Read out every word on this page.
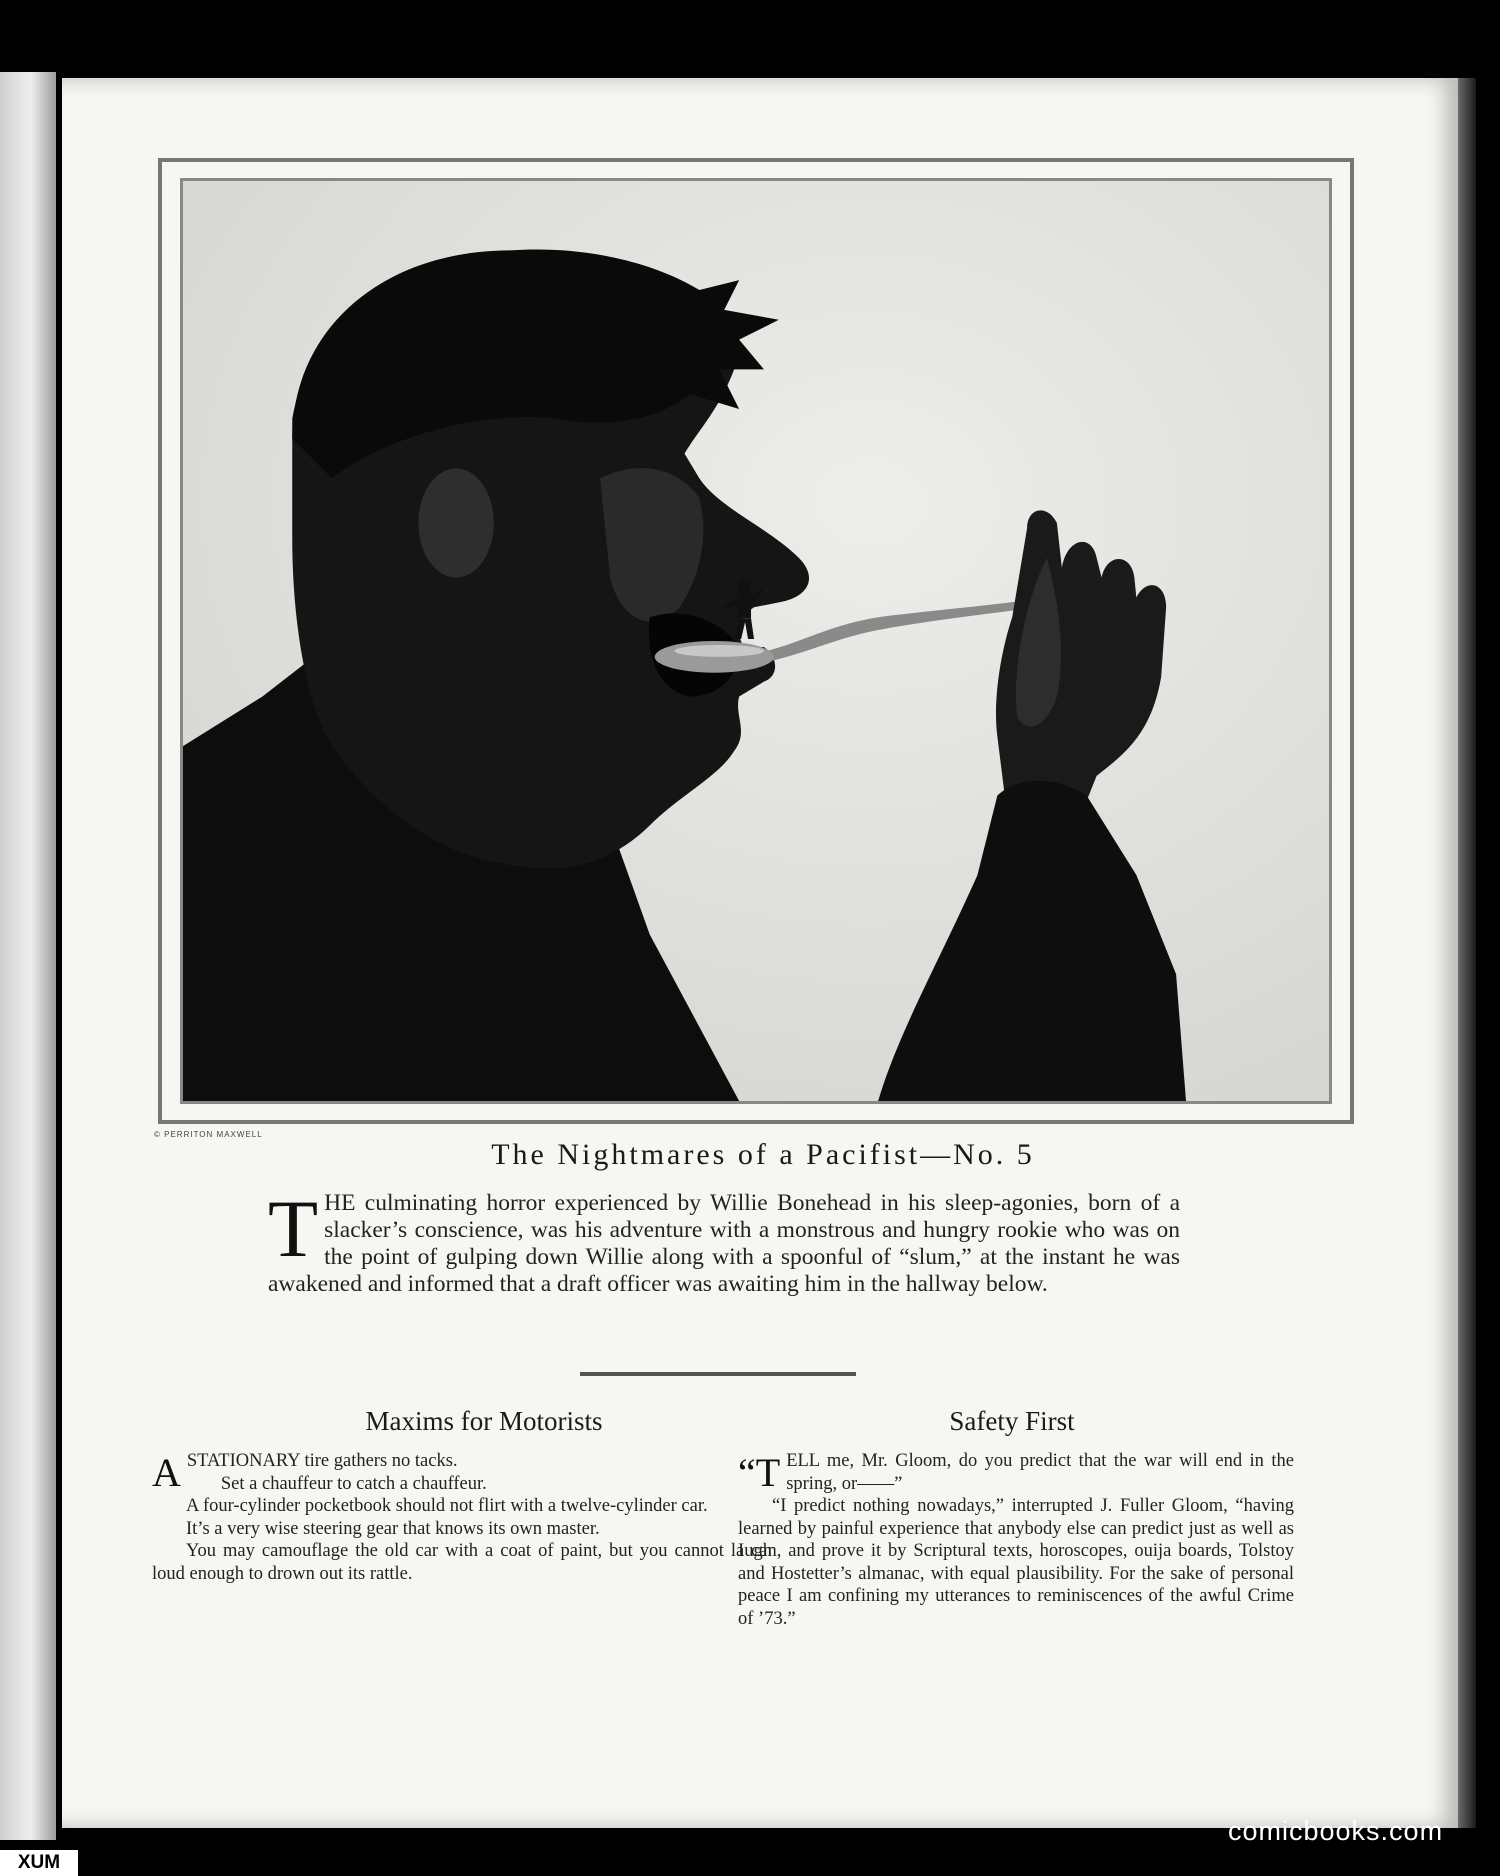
© PERRITON MAXWELL
The Nightmares of a Pacifist—No. 5
T HE culminating horror experienced by Willie Bonehead in his sleep-agonies, born of a slacker’s conscience, was his adventure with a monstrous and hungry rookie who was on the point of gulping down Willie along with a spoonful of “slum,” at the instant he was awakened and informed that a draft officer was awaiting him in the hallway below.
Maxims for Motorists

ASTATIONARY tire gathers no tacks.

Set a chauffeur to catch a chauffeur.

A four-cylinder pocketbook should not flirt with a twelve-cylinder car.

It’s a very wise steering gear that knows its own master.

You may camouflage the old car with a coat of paint, but you cannot laugh loud enough to drown out its rattle.

Safety First

“TELL me, Mr. Gloom, do you predict that the war will end in the spring, or——”

“I predict nothing nowadays,” interrupted J. Fuller Gloom, “having learned by painful experience that anybody else can predict just as well as I can, and prove it by Scriptural texts, horoscopes, ouija boards, Tolstoy and Hostetter’s almanac, with equal plausibility. For the sake of personal peace I am confining my utterances to reminiscences of the awful Crime of ’73.”

XUM
comicbooks.com
